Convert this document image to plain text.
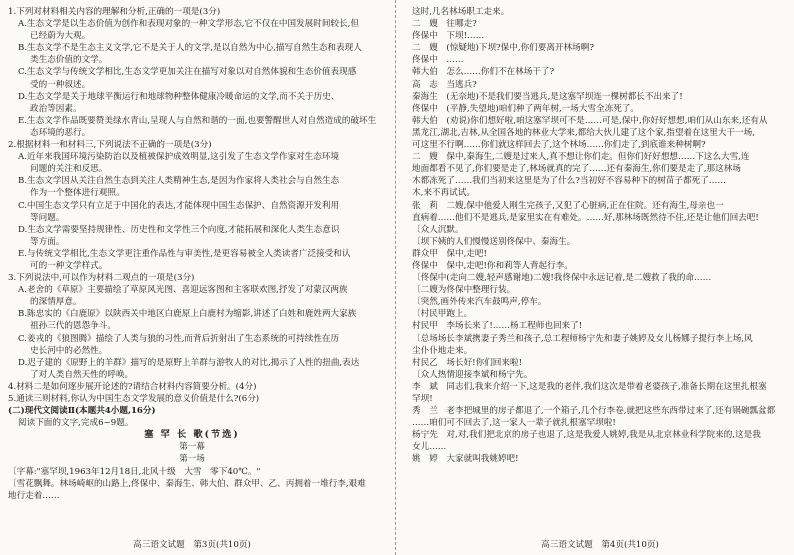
1.下列对材料相关内容的理解和分析,正确的一项是(3分)
A.生态文学是以生态价值为创作和表现对象的一种文学形态,它不仅在中国发展时间较长,但
已经蔚为大观。
B.生态文学不是生态主义文学,它不是关于人的文学,是以自然为中心,描写自然生态和表现人
类生态价值的文学。
C.生态文学与传统文学相比,生态文学更加关注在描写对象以对自然体貌和生态价值表现感
受的一种叙述。
D.生态文学是关于地球平衡运行和地球物种整体健康冷暖命运的文学,而不关于历史、
政治等因素。
E.生态文学作品既要赞美绿水青山,呈现人与自然和谐的一面,也要警醒世人对自然造成的破坏生
态环境的恶行。
2.根据材料一和材料三,下列说法不正确的一项是(3分)
A.近年来我国环境污染防治以及植被保护成效明显,这引发了生态文学作家对生态环境
问题的关注和反思。
B.生态文学因从关注自然生态到关注人类精神生态,是因为作家将人类社会与自然生态
作为一个整体进行观照。
C.中国生态文学只有立足于中国化的表达,才能体现中国生态保护、自然资源开发利用
等问题。
D.生态文学需要坚持规律性、历史性和文学性三个向度,才能拓展和深化人类生态意识
等方面。
E.与传统文学相比,生态文学更注重作品性与审美性,是更容易被全人类读者广泛接受和认
可的一种文学样式。
3.下列说法中,可以作为材料二观点的一项是(3分)
A.老舍的《草原》主要描绘了草原风光图、喜迎远客图和主客联欢图,抒发了对蒙汉两族
的深情厚意。
B.陈忠实的《白鹿原》以陕西关中地区白鹿原上白鹿村为缩影,讲述了白姓和鹿姓两大家族
祖孙三代的恩怨争斗。
C.姜戎的《狼图腾》描绘了人类与狼的习性,而背后折射出了生态系统的可持续性在历
史长河中的必然性。
D.迟子建的《原野上的羊群》描写的是原野上羊群与游牧人的对比,揭示了人性的扭曲,表达
了对人类自然天性的呼唤。
4.材料二是如何逐步展开论述的?请结合材料内容简要分析。(4分)
5.通读三则材料,你认为中国生态文学发展的意义价值是什么?(6分)
(二)现代文阅读Ⅱ(本题共4小题,16分)
阅读下面的文字,完成6~9题。
塞 罕 长 歌(节选)
第一幕
第一场
〔字幕:"塞罕坝,1963年12月18日,北风十级　大雪　零下40℃。"
〔雪花飘舞。林场崎岖的山路上,佟保中、秦海生、韩大伯、群众甲、乙、丙拥着一堆行李,艰难
地行走着……
这时,几名林场职工走来。
二　嫂　往哪走?
佟保中　下坝!……
二　嫂　(惊疑地)下坝?保中,你们要离开林场啊?
佟保中　……
韩大伯　怎么……你们不在林场干了?
高　志　当逃兵?
秦海生　(无奈地)不是我们要当逃兵,是这塞罕坝连一棵树都长不出来了!
佟保中　(平静,失望地)咱们种了两年树,一场大雪全冻死了。
韩大伯　(劝说)你们想好啦,咱这塞罕坝可不是……可是,保中,你好好想想,咱们从山东来,还有从
黑龙江,湖北,吉林,从全国各地的林业大学来,都给大伙儿建了这个家,指望着在这里大干一场,
可这里不行啊……你们就这样回去了,这个林场……你们走了,到底谁来种树啊?
二　嫂　保中,秦海生,二嫂是过来人,真不想让你们走。但你们好好想想……下这么大雪,连
地面都看不见了,你们要是走了,林场就真的完了……还有秦海生,你们要是走了,那这林场
木都冻死了……我们当初来这里是为了什么?当初好不容易种下的树苗子都死了……
木,来不再试试。
张　莉　二嫂,保中他爱人刚生完孩子,又犯了心脏病,正在住院。还有海生,母亲也一
直病着……他们不是逃兵,是家里实在有难处。……好,那林场既然待不住,还是让他们回去吧!
〔众人沉默。
〔坝下姨的人们慢慢送别佟保中、秦海生。
群众甲　保中,走吧!
佟保中　保中,走吧!你和莉等人背起行李。
〔佟保中(走向二嫂,轻声感谢地)二嫂!我佟保中永远记着,是二嫂救了我的命……
〔二嫂为佟保中整理行装。
〔突然,画外传来汽车鼓鸣声,停车。
〔村民甲跑上。
村民甲　李场长来了!……杨工程师也回来了!
〔总场场长李斌携妻子秀兰和孩子,总工程师杨宁先和妻子姚婷及女儿杨娜子提行李上场,风
尘仆仆地走来。
村民乙　场长好!你们回来啦!
〔众人热情迎接李斌和杨宁先。
李　斌　同志们,我来介绍一下,这是我的老伴,我们这次是带着老婆孩子,准备长期在这里扎根塞
罕坝!
秀　兰　老李把城里的房子都退了,一个箱子,几个行李卷,就把这些东西带过来了,还有锅碗瓢盆都
……咱们可不回去了,这一家人一辈子就扎根塞罕坝啦!
杨宁先　对,对,我们把北京的房子也退了,这是我爱人姚婷,我是从北京林业科学院来的,这是我
女儿……
姚　婷　大家就叫我姚婷吧!
高三语文试题　第3页(共10页)	高三语文试题　第4页(共10页)
